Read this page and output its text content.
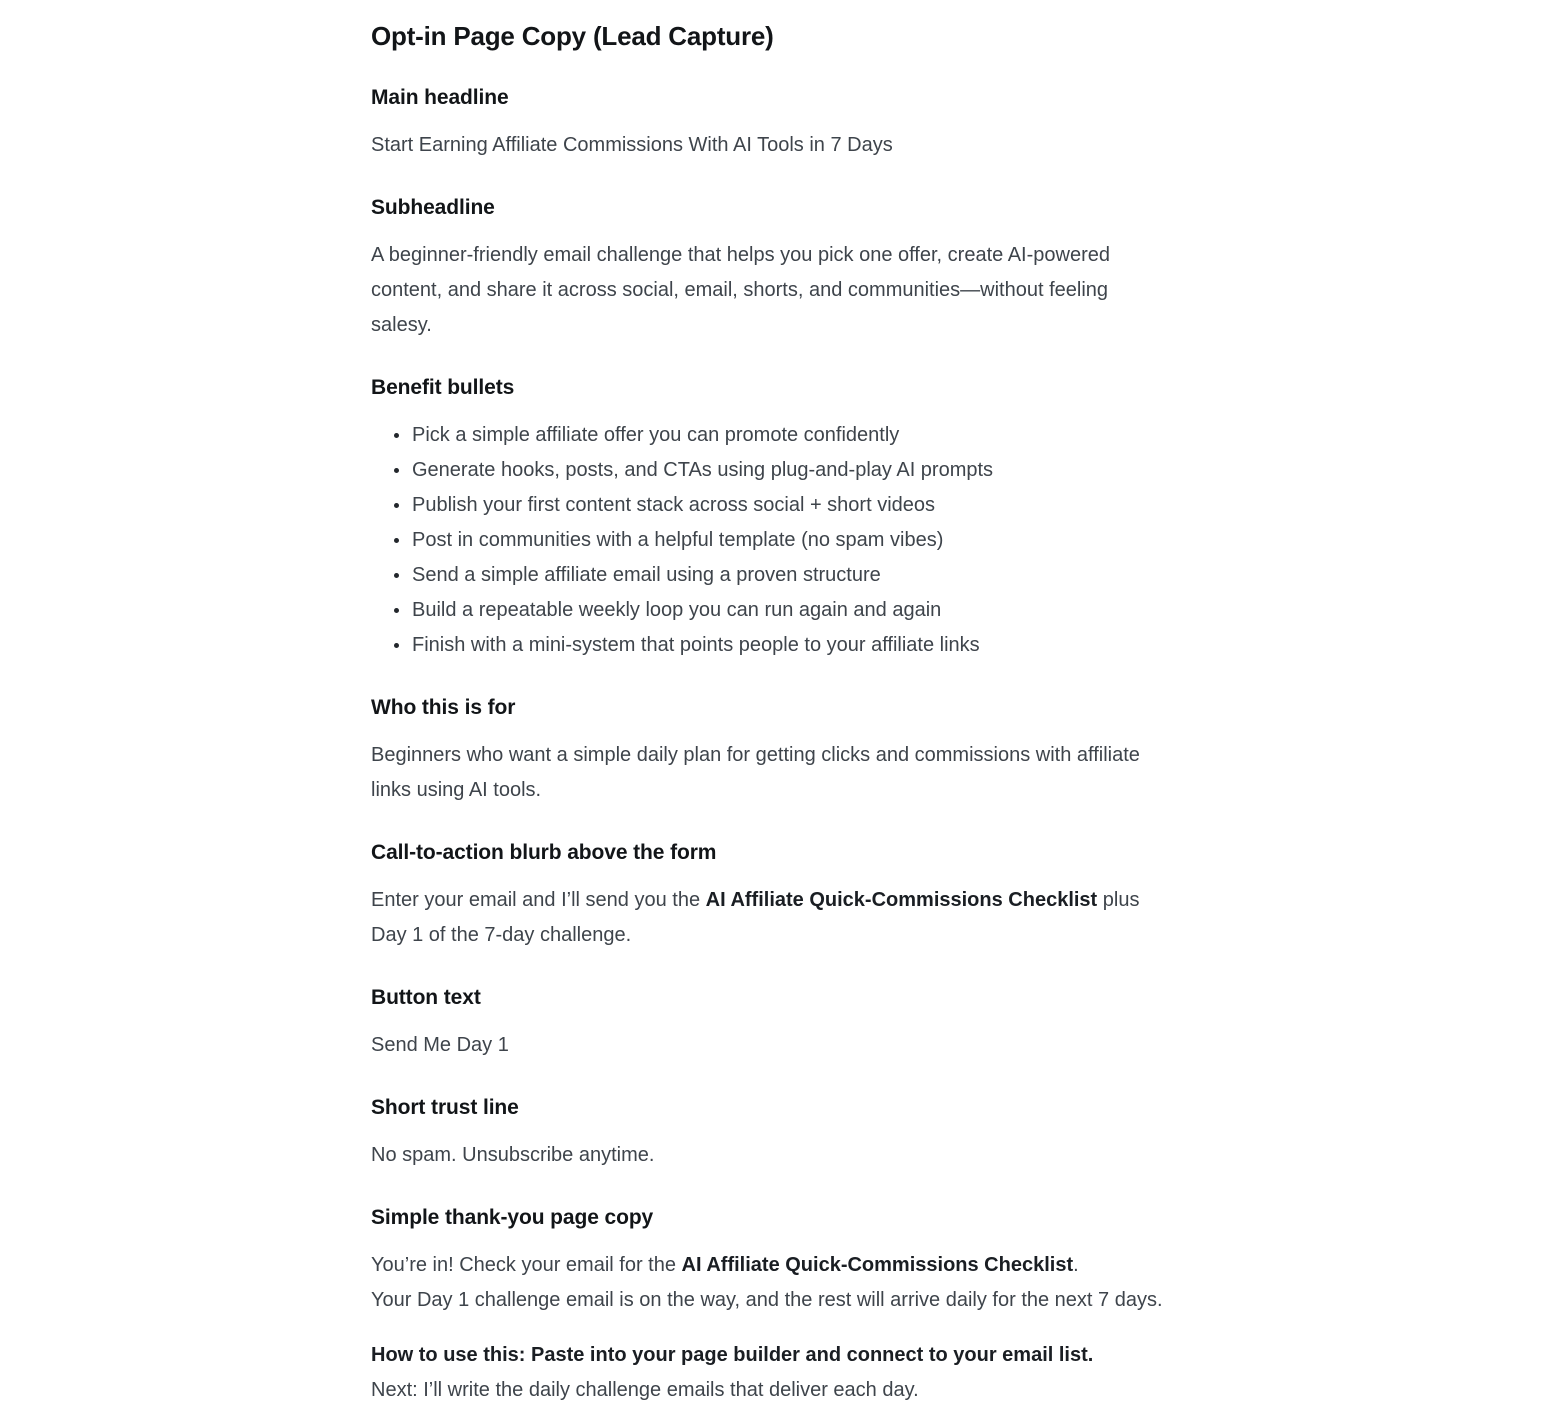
Opt-in Page Copy (Lead Capture)
Main headline

Start Earning Affiliate Commissions With AI Tools in 7 Days

Subheadline

A beginner-friendly email challenge that helps you pick one offer, create AI-powered content, and share it across social, email, shorts, and communities—without feeling salesy.

Benefit bullets
• Pick a simple affiliate offer you can promote confidently
• Generate hooks, posts, and CTAs using plug-and-play AI prompts
• Publish your first content stack across social + short videos
• Post in communities with a helpful template (no spam vibes)
• Send a simple affiliate email using a proven structure
• Build a repeatable weekly loop you can run again and again
• Finish with a mini-system that points people to your affiliate links
Who this is for

Beginners who want a simple daily plan for getting clicks and commissions with affiliate links using AI tools.

Call-to-action blurb above the form

Enter your email and I’ll send you the AI Affiliate Quick-Commissions Checklist plus Day 1 of the 7-day challenge.

Button text

Send Me Day 1

Short trust line

No spam. Unsubscribe anytime.

Simple thank-you page copy

You’re in! Check your email for the AI Affiliate Quick-Commissions Checklist.
Your Day 1 challenge email is on the way, and the rest will arrive daily for the next 7 days.

How to use this: Paste into your page builder and connect to your email list.
Next: I’ll write the daily challenge emails that deliver each day.
